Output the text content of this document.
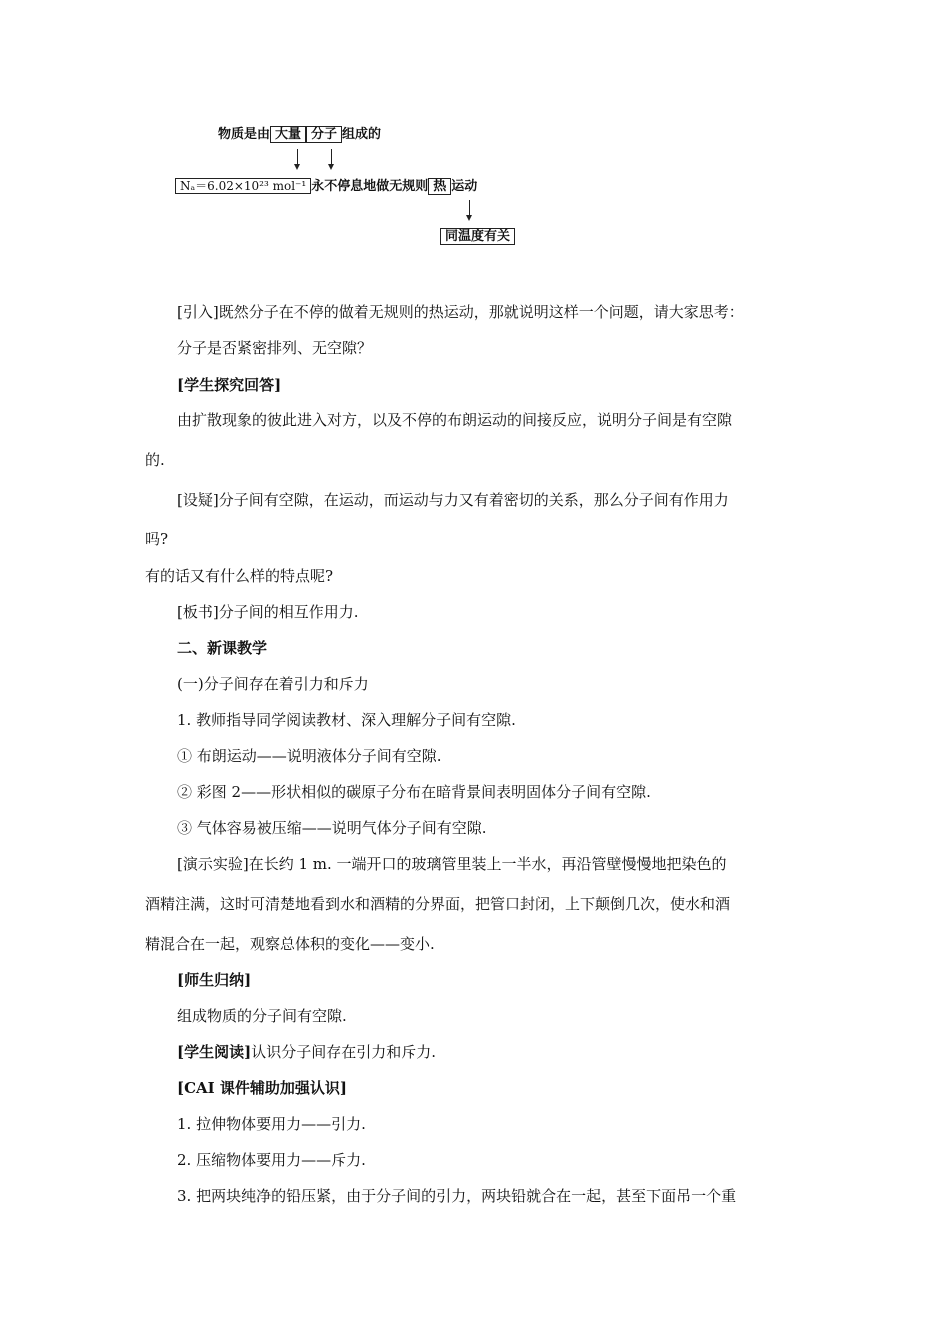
物质是由 大量 分子 组成的
Nₐ＝6.02×10²³ mol⁻¹ 永不停息地做无规则 热 运动
同温度有关
[引入]既然分子在不停的做着无规则的热运动，那就说明这样一个问题，请大家思考：
分子是否紧密排列、无空隙？
[学生探究回答]
由扩散现象的彼此进入对方，以及不停的布朗运动的间接反应，说明分子间是有空隙
的.
[设疑]分子间有空隙，在运动，而运动与力又有着密切的关系，那么分子间有作用力
吗?
有的话又有什么样的特点呢?
[板书]分子间的相互作用力.
二、新课教学
(一)分子间存在着引力和斥力
1. 教师指导同学阅读教材、深入理解分子间有空隙.
① 布朗运动——说明液体分子间有空隙.
② 彩图 2——形状相似的碳原子分布在暗背景间表明固体分子间有空隙.
③ 气体容易被压缩——说明气体分子间有空隙.
[演示实验]在长约 1 m. 一端开口的玻璃管里装上一半水，再沿管壁慢慢地把染色的
酒精注满，这时可清楚地看到水和酒精的分界面，把管口封闭，上下颠倒几次，使水和酒
精混合在一起，观察总体积的变化——变小.
[师生归纳]
组成物质的分子间有空隙.
[学生阅读]认识分子间存在引力和斥力.
[CAI 课件辅助加强认识]
1. 拉伸物体要用力——引力.
2. 压缩物体要用力——斥力.
3. 把两块纯净的铅压紧，由于分子间的引力，两块铅就合在一起，甚至下面吊一个重
